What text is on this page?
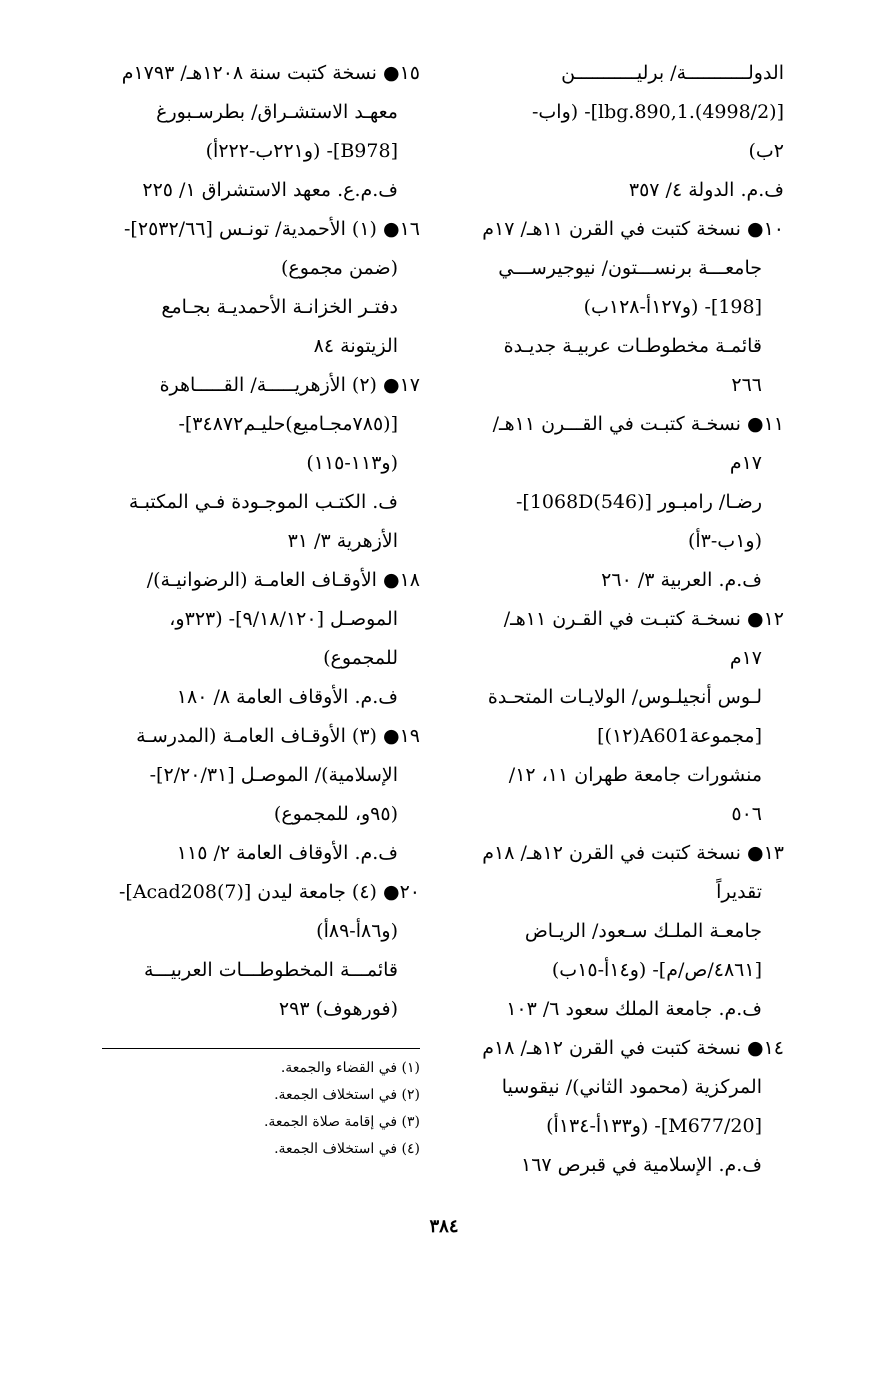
الدولـــــــــــة/ برليـــــــــــن
[lbg.890,1.(4998/2)]- (واب-
٢ب)
ف.م. الدولة ٤/ ٣٥٧
١٠● نسخة كتبت في القرن ١١هـ/ ١٧م
جامعـــة برنســـتون/ نيوجيرســـي
[198]- (و١٢٧أ-١٢٨ب)
قائمـة مخطوطـات عربيـة جديـدة
٢٦٦
١١● نسخـة كتبـت في القـــرن ١١هـ/
١٧م
رضـا/ رامبـور [1068D(546)]-
(و١ب-٣أ)
ف.م. العربية ٣/ ٢٦٠
١٢● نسخـة كتبـت في القـرن ١١هـ/
١٧م
لـوس أنجيلـوس/ الولايـات المتحـدة
[مجموعةA601(١٢)]
منشورات جامعة طهران ١١، ١٢/
٥٠٦
١٣● نسخة كتبت في القرن ١٢هـ/ ١٨م
تقديراً
جامعـة الملـك سـعود/ الريـاض
[٤٨٦١/ص/م]- (و١٤أ-١٥ب)
ف.م. جامعة الملك سعود ٦/ ١٠٣
١٤● نسخة كتبت في القرن ١٢هـ/ ١٨م
المركزية (محمود الثاني)/ نيقوسيا
[M677/20]- (و١٣٣أ-١٣٤أ)
ف.م. الإسلامية في قبرص ١٦٧
١٥● نسخة كتبت سنة ١٢٠٨هـ/ ١٧٩٣م
معهـد الاستشـراق/ بطرسـبورغ
[B978]- (و٢٢١ب-٢٢٢أ)
ف.م.ع. معهد الاستشراق ١/ ٢٢٥
١٦● (١) الأحمدية/ تونـس [٢٥٣٢/٦٦]-
(ضمن مجموع)
دفتـر الخزانـة الأحمديـة بجـامع
الزيتونة ٨٤
١٧● (٢) الأزهريـــــة/ القـــــاهرة
[(٧٨٥مجـاميع)حليـم٣٤٨٧٢]-
(و١١٣-١١٥)
ف. الكتـب الموجـودة فـي المكتبـة
الأزهرية ٣/ ٣١
١٨● الأوقـاف العامـة (الرضوانيـة)/
الموصـل [٩/١٨/١٢٠]- (٣٢٣و،
للمجموع)
ف.م. الأوقاف العامة ٨/ ١٨٠
١٩● (٣) الأوقـاف العامـة (المدرسـة
الإسلامية)/ الموصـل [٢/٢٠/٣١]-
(٩٥و، للمجموع)
ف.م. الأوقاف العامة ٢/ ١١٥
٢٠● (٤) جامعة ليدن [Acad208(7)]-
(و٨٦أ-٨٩أ)
قائمـــة المخطوطـــات العربيـــة
(فورهوف) ٢٩٣
(١) في القضاء والجمعة.
(٢) في استخلاف الجمعة.
(٣) في إقامة صلاة الجمعة.
(٤) في استخلاف الجمعة.
٣٨٤
